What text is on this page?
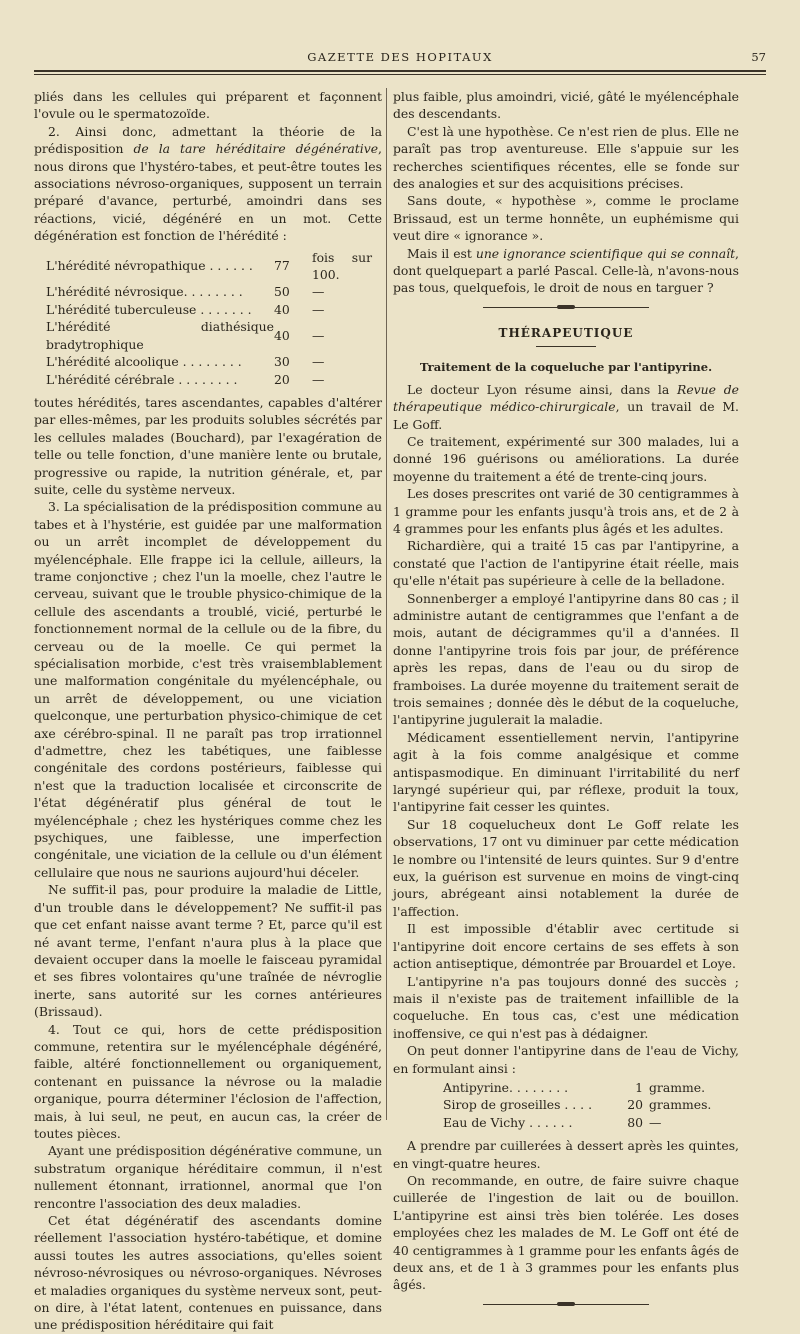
GAZETTE DES HOPITAUX	57

pliés dans les cellules qui préparent et façonnent l'ovule ou le spermatozoïde.

2. Ainsi donc, admettant la théorie de la prédisposition de la tare héréditaire dégénérative, nous dirons que l'hystéro-tabes, et peut-être toutes les associations névroso-organiques, supposent un terrain préparé d'avance, perturbé, amoindri dans ses réactions, vicié, dégénéré en un mot. Cette dégénération est fonction de l'hérédité :

L'hérédité névropathique . . . . . .	77	fois sur 100.
L'hérédité névrosique. . . . . . . .	50	—
L'hérédité tuberculeuse . . . . . . .	40	—
L'hérédité diathésique bradytrophique	40	—
L'hérédité alcoolique . . . . . . . .	30	—
L'hérédité cérébrale . . . . . . . .	20	—

toutes hérédités, tares ascendantes, capables d'altérer par elles-mêmes, par les produits solubles sécrétés par les cellules malades (Bouchard), par l'exagération de telle ou telle fonction, d'une manière lente ou brutale, progressive ou rapide, la nutrition générale, et, par suite, celle du système nerveux.

3. La spécialisation de la prédisposition commune au tabes et à l'hystérie, est guidée par une malformation ou un arrêt incomplet de développement du myélencéphale. Elle frappe ici la cellule, ailleurs, la trame conjonctive ; chez l'un la moelle, chez l'autre le cerveau, suivant que le trouble physico-chimique de la cellule des ascendants a troublé, vicié, perturbé le fonctionnement normal de la cellule ou de la fibre, du cerveau ou de la moelle. Ce qui permet la spécialisation morbide, c'est très vraisemblablement une malformation congénitale du myélencéphale, ou un arrêt de développement, ou une viciation quelconque, une perturbation physico-chimique de cet axe cérébro-spinal. Il ne paraît pas trop irrationnel d'admettre, chez les tabétiques, une faiblesse congénitale des cordons postérieurs, faiblesse qui n'est que la traduction localisée et circonscrite de l'état dégénératif plus général de tout le myélencéphale ; chez les hystériques comme chez les psychiques, une faiblesse, une imperfection congénitale, une viciation de la cellule ou d'un élément cellulaire que nous ne saurions aujourd'hui déceler.

Ne suffit-il pas, pour produire la maladie de Little, d'un trouble dans le développement? Ne suffit-il pas que cet enfant naisse avant terme ? Et, parce qu'il est né avant terme, l'enfant n'aura plus à la place que devaient occuper dans la moelle le faisceau pyramidal et ses fibres volontaires qu'une traînée de névroglie inerte, sans autorité sur les cornes antérieures (Brissaud).

4. Tout ce qui, hors de cette prédisposition commune, retentira sur le myélencéphale dégénéré, faible, altéré fonctionnellement ou organiquement, contenant en puissance la névrose ou la maladie organique, pourra déterminer l'éclosion de l'affection, mais, à lui seul, ne peut, en aucun cas, la créer de toutes pièces.

Ayant une prédisposition dégénérative commune, un substratum organique héréditaire commun, il n'est nullement étonnant, irrationnel, anormal que l'on rencontre l'association des deux maladies.

Cet état dégénératif des ascendants domine réellement l'association hystéro-tabétique, et domine aussi toutes les autres associations, qu'elles soient névroso-névrosiques ou névroso-organiques. Névroses et maladies organiques du système nerveux sont, peut-on dire, à l'état latent, contenues en puissance, dans une prédisposition héréditaire qui fait

plus faible, plus amoindri, vicié, gâté le myélencéphale des descendants.

C'est là une hypothèse. Ce n'est rien de plus. Elle ne paraît pas trop aventureuse. Elle s'appuie sur les recherches scientifiques récentes, elle se fonde sur des analogies et sur des acquisitions précises.

Sans doute, « hypothèse », comme le proclame Brissaud, est un terme honnête, un euphémisme qui veut dire « ignorance ».

Mais il est une ignorance scientifique qui se connaît, dont quelquepart a parlé Pascal. Celle-là, n'avons-nous pas tous, quelquefois, le droit de nous en targuer ?

THÉRAPEUTIQUE
Traitement de la coqueluche par l'antipyrine.

Le docteur Lyon résume ainsi, dans la Revue de thérapeutique médico-chirurgicale, un travail de M. Le Goff.

Ce traitement, expérimenté sur 300 malades, lui a donné 196 guérisons ou améliorations. La durée moyenne du traitement a été de trente-cinq jours.

Les doses prescrites ont varié de 30 centigrammes à 1 gramme pour les enfants jusqu'à trois ans, et de 2 à 4 grammes pour les enfants plus âgés et les adultes.

Richardière, qui a traité 15 cas par l'antipyrine, a constaté que l'action de l'antipyrine était réelle, mais qu'elle n'était pas supérieure à celle de la belladone.

Sonnenberger a employé l'antipyrine dans 80 cas ; il administre autant de centigrammes que l'enfant a de mois, autant de décigrammes qu'il a d'années. Il donne l'antipyrine trois fois par jour, de préférence après les repas, dans de l'eau ou du sirop de framboises. La durée moyenne du traitement serait de trois semaines ; donnée dès le début de la coqueluche, l'antipyrine jugulerait la maladie.

Médicament essentiellement nervin, l'antipyrine agit à la fois comme analgésique et comme antispasmodique. En diminuant l'irritabilité du nerf laryngé supérieur qui, par réflexe, produit la toux, l'antipyrine fait cesser les quintes.

Sur 18 coquelucheux dont Le Goff relate les observations, 17 ont vu diminuer par cette médication le nombre ou l'intensité de leurs quintes. Sur 9 d'entre eux, la guérison est survenue en moins de vingt-cinq jours, abrégeant ainsi notablement la durée de l'affection.

Il est impossible d'établir avec certitude si l'antipyrine doit encore certains de ses effets à son action antiseptique, démontrée par Brouardel et Loye.

L'antipyrine n'a pas toujours donné des succès ; mais il n'existe pas de traitement infaillible de la coqueluche. En tous cas, c'est une médication inoffensive, ce qui n'est pas à dédaigner.

On peut donner l'antipyrine dans de l'eau de Vichy, en formulant ainsi :

Antipyrine. . . . . . . .	1	gramme.
Sirop de groseilles . . . .	20	grammes.
Eau de Vichy . . . . . .	80	—

A prendre par cuillerées à dessert après les quintes, en vingt-quatre heures.

On recommande, en outre, de faire suivre chaque cuillerée de l'ingestion de lait ou de bouillon. L'antipyrine est ainsi très bien tolérée. Les doses employées chez les malades de M. Le Goff ont été de 40 centigrammes à 1 gramme pour les enfants âgés de deux ans, et de 1 à 3 grammes pour les enfants plus âgés.
